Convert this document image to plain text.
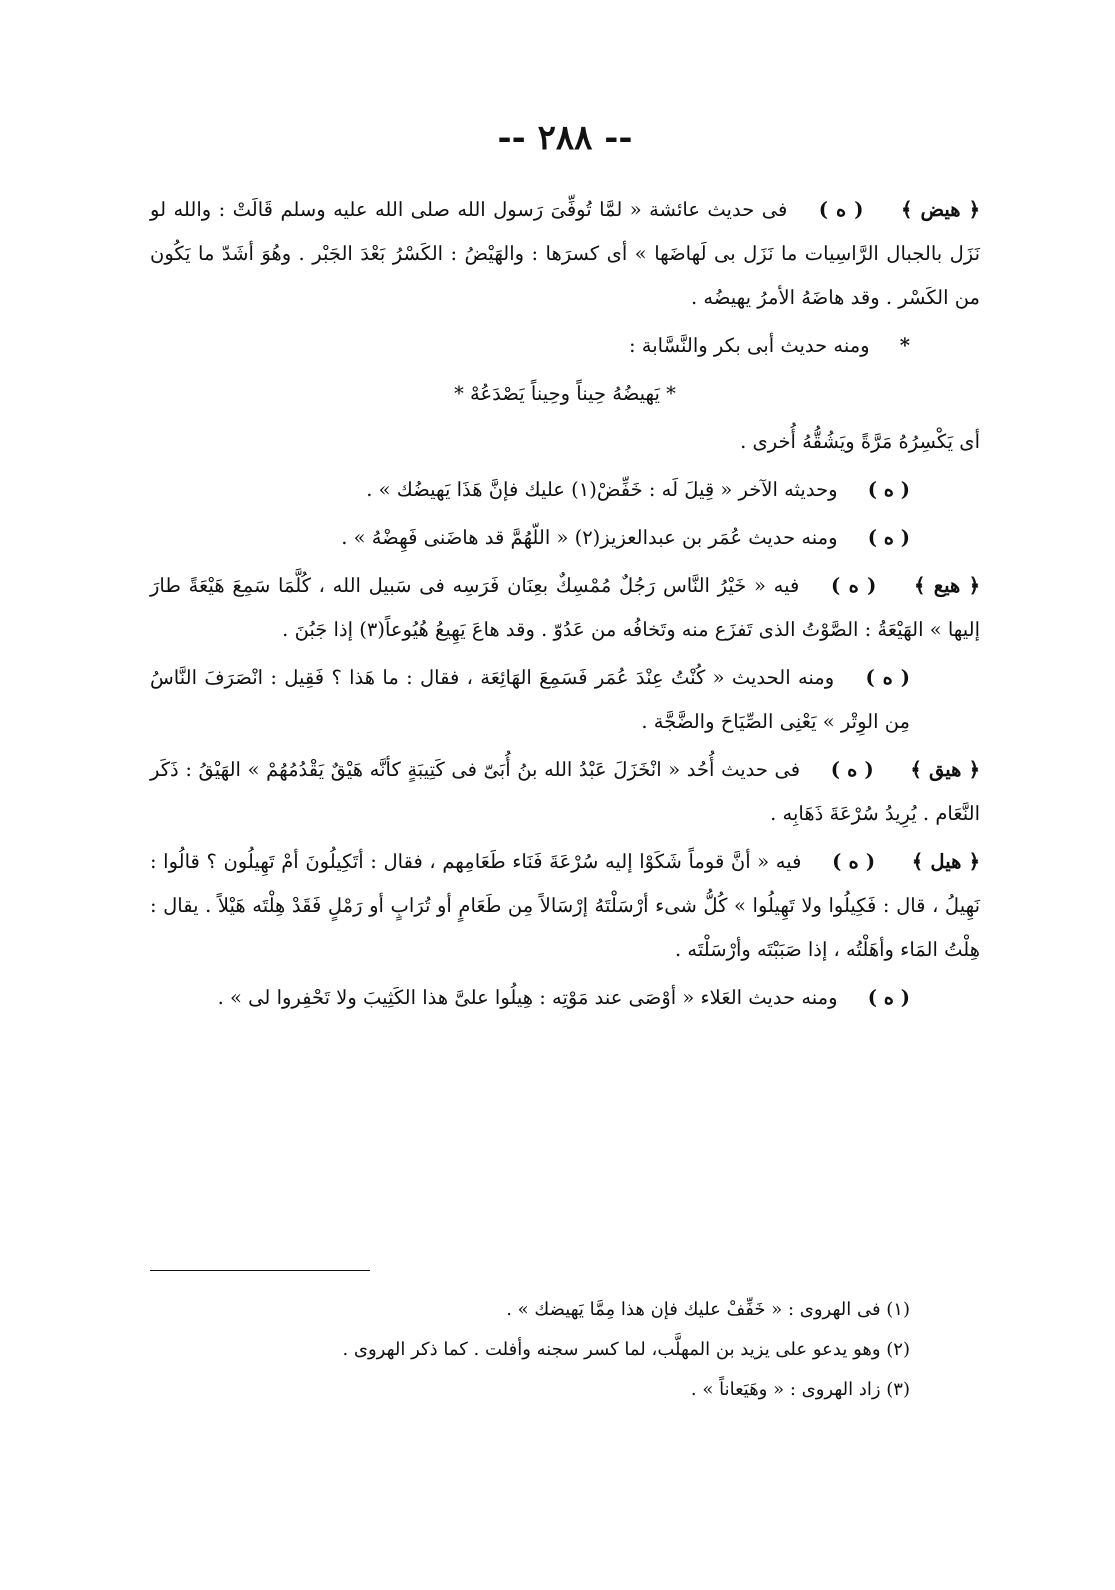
-- ٢٨٨ --

﴿ هيض ﴾ ( ه ) فى حديث عائشة « لمَّا تُوفِّىَ رَسول الله صلى الله عليه وسلم قَالَتْ : والله لو نَزَل بالجبال الرَّاسِيات ما نَزَل بى لَهاضَها » أى كسرَها : والهَيْضُ : الكَسْرُ بَعْدَ الجَبْر . وهُوَ أشَدّ ما يَكُون من الكَسْر . وقد هاضَهُ الأمرُ يهيضُه .

* ومنه حديث أبى بكر والنَّسَّابة :

* يَهيضُهُ حِيناً وحِيناً يَصْدَعُهْ *

أى يَكْسِرُهُ مَرَّةً ويَشُقُّهُ أُخرى .

( ه ) وحديثه الآخر « قِيلَ لَه : خَفِّضْ(١) عليك فإنَّ هَذَا يَهيضُك » .

( ه ) ومنه حديث عُمَر بن عبدالعزيز(٢) « اللّهُمَّ قد هاضَنى فَهِضْهُ » .

﴿ هيع ﴾ ( ه ) فيه « خَيْرُ النَّاس رَجُلٌ مُمْسِكٌ بعِنَان فَرَسِه فى سَبيل الله ، كُلَّمَا سَمِعَ هَيْعَةً طارَ إليها » الهَيْعَةُ : الصَّوْتُ الذى تَفزَع منه وتَخافُه من عَدُوّ . وقد هاعَ يَهِيعُ هُيُوعاً(٣) إذا جَبُنَ .

( ه ) ومنه الحديث « كُنْتُ عِنْدَ عُمَر فَسَمِعَ الهَائِعَة ، فقال : ما هَذا ؟ فَقِيل : انْصَرَفَ النَّاسُ مِن الوِتْر » يَعْنِى الصِّيَاحَ والضَّجَّة .

﴿ هيق ﴾ ( ه ) فى حديث أُحُد « انْخَزَلَ عَبْدُ الله بنُ أُبَىّ فى كَتِيبَةٍ كأنَّه هَيْقٌ يَقْدُمُهُمْ » الهَيْقُ : ذَكَر النَّعَام . يُرِيدُ سُرْعَةَ ذَهَابِه .

﴿ هيل ﴾ ( ه ) فيه « أنَّ قوماً شَكَوْا إليه سُرْعَةَ فَنَاء طَعَامِهم ، فقال : أتَكِيلُونَ أمْ تَهِيلُون ؟ قالُوا : نَهِيلُ ، قال : فَكِيلُوا ولا تَهِيلُوا » كُلُّ شىء أرْسَلْتَهُ إرْسَالاً مِن طَعَامٍ أو تُرَابٍ أو رَمْلٍ فَقَدْ هِلْتَه هَيْلاً . يقال : هِلْتُ المَاء وأهَلْتُه ، إذا صَبَبْتَه وأرْسَلْتَه .

( ه ) ومنه حديث العَلاء « أوْصَى عند مَوْتِه : هِيلُوا علىَّ هذا الكَثِيبَ ولا تَحْفِروا لى » .

(١) فى الهروى : « خَفِّفْ عليك فإن هذا مِمَّا يَهيضك » .

(٢) وهو يدعو على يزيد بن المهلَّب، لما كسر سجنه وأفلت . كما ذكر الهروى .

(٣) زاد الهروى : « وهَيَعاناً » .
